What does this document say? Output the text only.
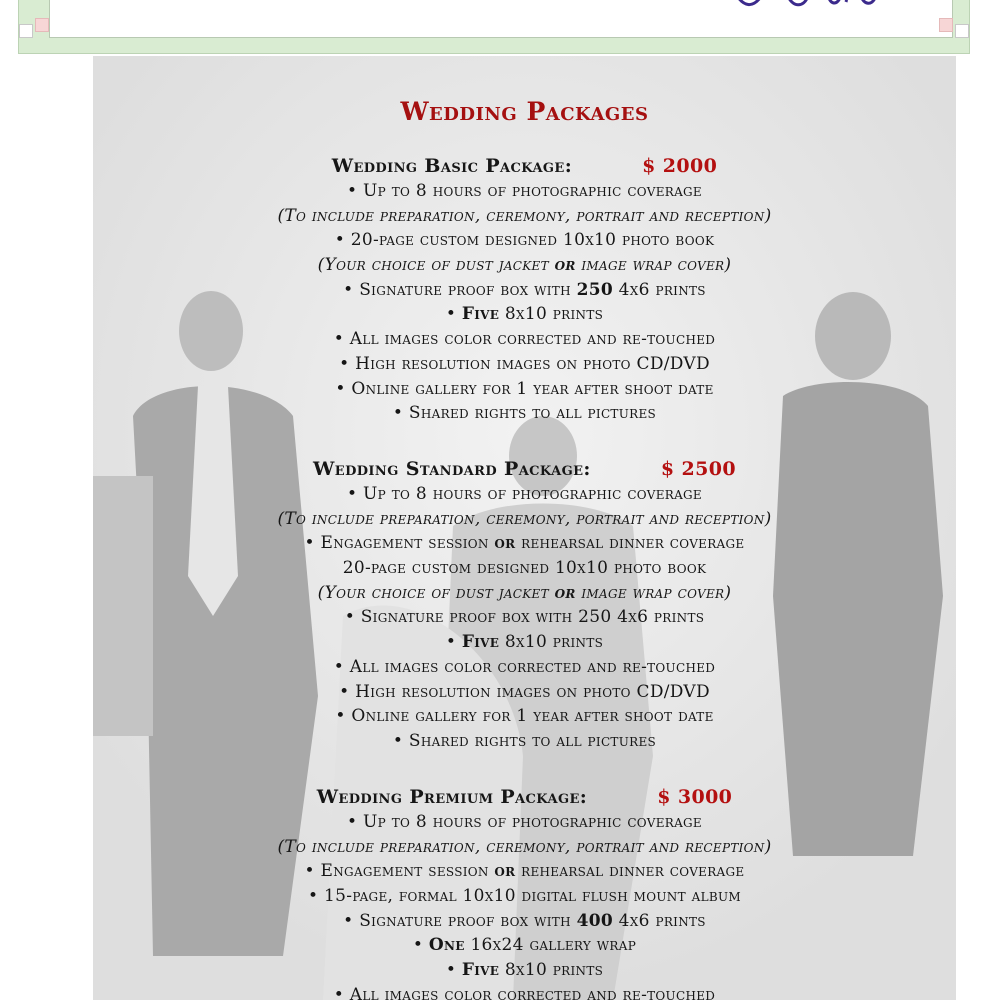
Wedding Packages
Wedding Basic Package:	$ 2000
• Up to 8 hours of photographic coverage
(To include preparation, ceremony, portrait and reception)
• 20-page custom designed 10x10 photo book
(Your choice of dust jacket or image wrap cover)
• Signature proof box with 250 4x6 prints
• Five 8x10 prints
• All images color corrected and re-touched
• High resolution images on photo CD/DVD
• Online gallery for 1 year after shoot date
• Shared rights to all pictures
Wedding Standard Package:	$ 2500
• Up to 8 hours of photographic coverage
(To include preparation, ceremony, portrait and reception)
• Engagement session or rehearsal dinner coverage
20-page custom designed 10x10 photo book
(Your choice of dust jacket or image wrap cover)
• Signature proof box with 250 4x6 prints
• Five 8x10 prints
• All images color corrected and re-touched
• High resolution images on photo CD/DVD
• Online gallery for 1 year after shoot date
• Shared rights to all pictures
Wedding Premium Package:	$ 3000
• Up to 8 hours of photographic coverage
(To include preparation, ceremony, portrait and reception)
• Engagement session or rehearsal dinner coverage
• 15-page, formal 10x10 digital flush mount album
• Signature proof box with 400 4x6 prints
• One 16x24 gallery wrap
• Five 8x10 prints
• All images color corrected and re-touched
